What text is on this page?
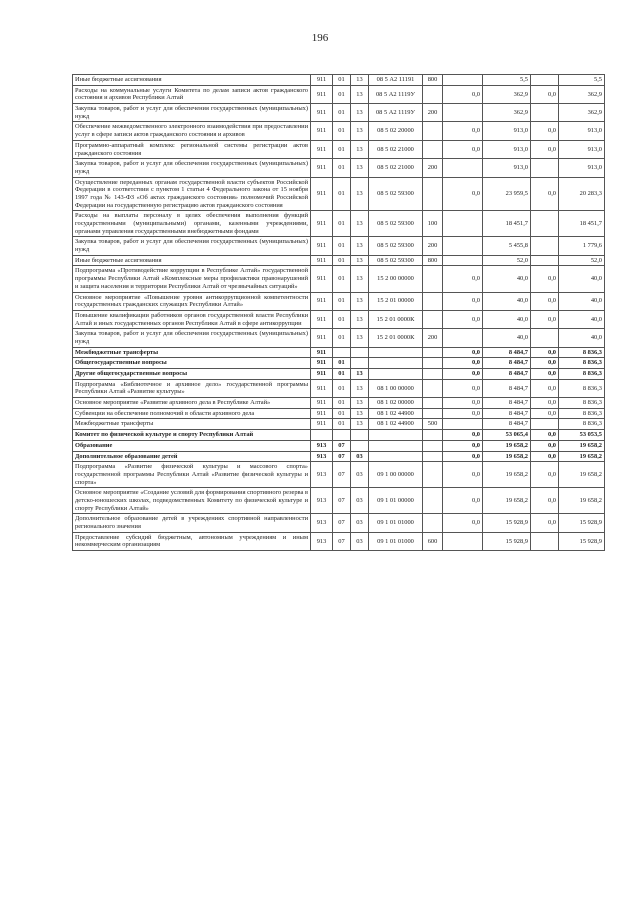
196
Иные бюджетные ассигнования	911	01	13	08 5 А2 11191	800		5,5		5,5
Расходы на коммунальные услуги Комитета по делам записи актов гражданского состояния и архивов Республики Алтай	911	01	13	08 5 А2 1119У		0,0	362,9	0,0	362,9
Закупка товаров, работ и услуг для обеспечения государственных (муниципальных) нужд	911	01	13	08 5 А2 1119У	200		362,9		362,9
Обеспечение межведомственного электронного взаимодействия при предоставлении услуг в сфере записи актов гражданского состояния и архивов	911	01	13	08 5 02 20000		0,0	913,0	0,0	913,0
Программно-аппаратный комплекс региональной системы регистрации актов гражданского состояния	911	01	13	08 5 02 21000		0,0	913,0	0,0	913,0
Закупка товаров, работ и услуг для обеспечения государственных (муниципальных) нужд	911	01	13	08 5 02 21000	200		913,0		913,0
Осуществление переданных органам государственной власти субъектов Российской Федерации в соответствии с пунктом 1 статьи 4 Федерального закона от 15 ноября 1997 года № 143-ФЗ «Об актах гражданского состояния» полномочий Российской Федерации на государственную регистрацию актов гражданского состояния	911	01	13	08 5 02 59300		0,0	23 959,5	0,0	20 283,3
Расходы на выплаты персоналу в целях обеспечения выполнения функций государственными (муниципальными) органами, казенными учреждениями, органами управления государственными внебюджетными фондами	911	01	13	08 5 02 59300	100		18 451,7		18 451,7
Закупка товаров, работ и услуг для обеспечения государственных (муниципальных) нужд	911	01	13	08 5 02 59300	200		5 455,8		1 779,6
Иные бюджетные ассигнования	911	01	13	08 5 02 59300	800		52,0		52,0
Подпрограмма «Противодействие коррупции в Республике Алтай» государственной программы Республики Алтай «Комплексные меры профилактики правонарушений и защита населения и территории Республики Алтай от чрезвычайных ситуаций»	911	01	13	15 2 00 00000		0,0	40,0	0,0	40,0
Основное мероприятие «Повышение уровня антикоррупционной компетентности государственных гражданских служащих Республики Алтай»	911	01	13	15 2 01 00000		0,0	40,0	0,0	40,0
Повышение квалификации работников органов государственной власти Республики Алтай и иных государственных органов Республики Алтай в сфере антикоррупции	911	01	13	15 2 01 0000К		0,0	40,0	0,0	40,0
Закупка товаров, работ и услуг для обеспечения государственных (муниципальных) нужд	911	01	13	15 2 01 0000К	200		40,0		40,0
Межбюджетные трансферты	911					0,0	8 484,7	0,0	8 836,3
Общегосударственные вопросы	911	01				0,0	8 484,7	0,0	8 836,3
Другие общегосударственные вопросы	911	01	13			0,0	8 484,7	0,0	8 836,3
Подпрограмма «Библиотечное и архивное дело» государственной программы Республики Алтай «Развитие культуры»	911	01	13	08 1 00 00000		0,0	8 484,7	0,0	8 836,3
Основное мероприятие «Развитие архивного дела в Республике Алтай»	911	01	13	08 1 02 00000		0,0	8 484,7	0,0	8 836,3
Субвенции на обеспечение полномочий в области архивного дела	911	01	13	08 1 02 44900		0,0	8 484,7	0,0	8 836,3
Межбюджетные трансферты	911	01	13	08 1 02 44900	500		8 484,7		8 836,3
Комитет по физической культуре и спорту Республики Алтай						0,0	53 065,4	0,0	53 053,5
Образование	913	07				0,0	19 658,2	0,0	19 658,2
Дополнительное образование детей	913	07	03			0,0	19 658,2	0,0	19 658,2
Подпрограмма «Развитие физической культуры и массового спорта» государственной программы Республики Алтай «Развитие физической культуры и спорта»	913	07	03	09 1 00 00000		0,0	19 658,2	0,0	19 658,2
Основное мероприятие «Создание условий для формирования спортивного резерва в детско-юношеских школах, подведомственных Комитету по физической культуре и спорту Республики Алтай»	913	07	03	09 1 01 00000		0,0	19 658,2	0,0	19 658,2
Дополнительное образование детей в учреждениях спортивной направленности регионального значения	913	07	03	09 1 01 01000		0,0	15 928,9	0,0	15 928,9
Предоставление субсидий бюджетным, автономным учреждениям и иным некоммерческим организациям	913	07	03	09 1 01 01000	600		15 928,9		15 928,9
